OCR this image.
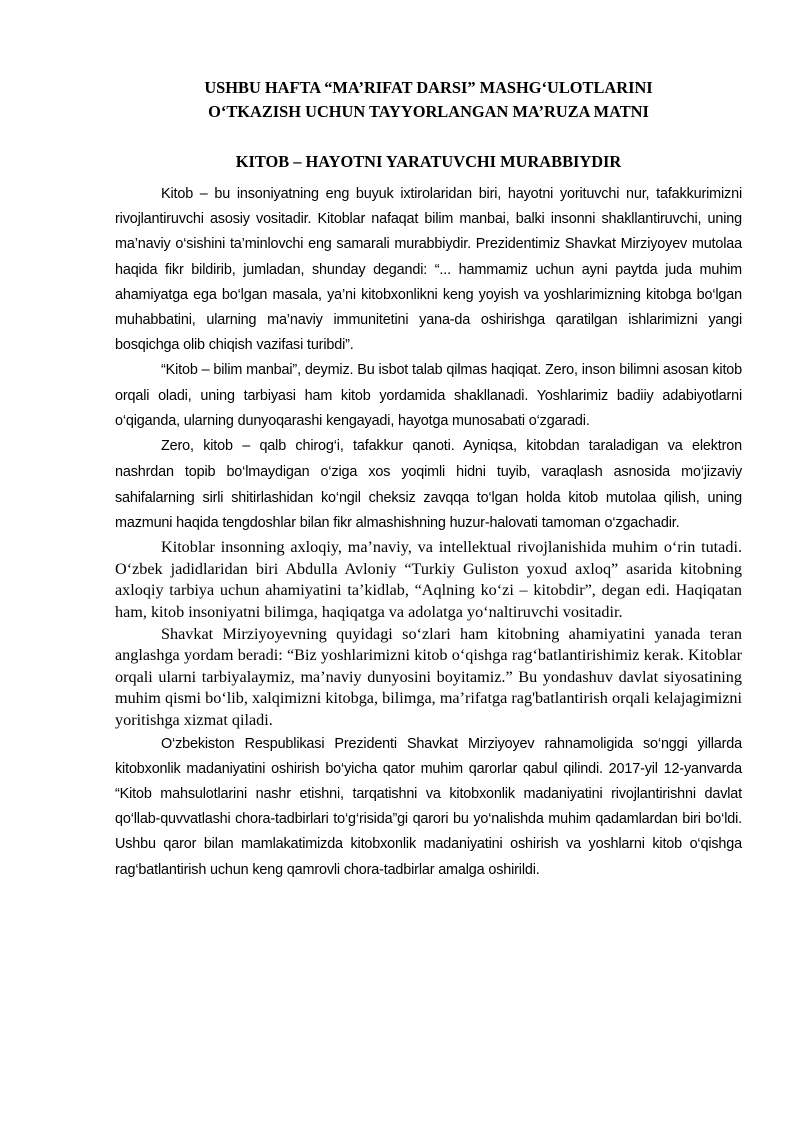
USHBU HAFTA “MA’RIFAT DARSI” MASHG‘ULOTLARINI
O‘TKAZISH UCHUN TAYYORLANGAN MA’RUZA MATNI
KITOB – HAYOTNI YARATUVCHI MURABBIYDIR

Kitob – bu insoniyatning eng buyuk ixtirolaridan biri, hayotni yorituvchi nur, tafakkurimizni rivojlantiruvchi asosiy vositadir. Kitoblar nafaqat bilim manbai, balki insonni shakllantiruvchi, uning ma’naviy o‘sishini ta’minlovchi eng samarali murabbiydir. Prezidentimiz Shavkat Mirziyoyev mutolaa haqida fikr bildirib, jumladan, shunday degandi: “... hammamiz uchun ayni paytda juda muhim ahamiyatga ega bo‘lgan masala, ya’ni kitobxonlikni keng yoyish va yoshlarimizning kitobga bo‘lgan muhabbatini, ularning ma’naviy immunitetini yana-da oshirishga qaratilgan ishlarimizni yangi bosqichga olib chiqish vazifasi turibdi”.

“Kitob – bilim manbai”, deymiz. Bu isbot talab qilmas haqiqat. Zero, inson bilimni asosan kitob orqali oladi, uning tarbiyasi ham kitob yordamida shakllanadi. Yoshlarimiz badiiy adabiyotlarni o‘qiganda, ularning dunyoqarashi kengayadi, hayotga munosabati o‘zgaradi.

Zero, kitob – qalb chirog‘i, tafakkur qanoti. Ayniqsa, kitobdan taraladigan va elektron nashrdan topib bo‘lmaydigan o‘ziga xos yoqimli hidni tuyib, varaqlash asnosida mo‘jizaviy sahifalarning sirli shitirlashidan ko‘ngil cheksiz zavqqa to‘lgan holda kitob mutolaa qilish, uning mazmuni haqida tengdoshlar bilan fikr almashishning huzur-halovati tamoman o‘zgachadir.

Kitoblar insonning axloqiy, ma’naviy, va intellektual rivojlanishida muhim o‘rin tutadi. O‘zbek jadidlaridan biri Abdulla Avloniy “Turkiy Guliston yoxud axloq” asarida kitobning axloqiy tarbiya uchun ahamiyatini ta’kidlab, “Aqlning ko‘zi – kitobdir”, degan edi. Haqiqatan ham, kitob insoniyatni bilimga, haqiqatga va adolatga yo‘naltiruvchi vositadir.

Shavkat Mirziyoyevning quyidagi so‘zlari ham kitobning ahamiyatini yanada teran anglashga yordam beradi: “Biz yoshlarimizni kitob o‘qishga rag‘batlantirishimiz kerak. Kitoblar orqali ularni tarbiyalaymiz, ma’naviy dunyosini boyitamiz.” Bu yondashuv davlat siyosatining muhim qismi bo‘lib, xalqimizni kitobga, bilimga, ma’rifatga rag'batlantirish orqali kelajagimizni yoritishga xizmat qiladi.

O‘zbekiston Respublikasi Prezidenti Shavkat Mirziyoyev rahnamoligida so‘nggi yillarda kitobxonlik madaniyatini oshirish bo‘yicha qator muhim qarorlar qabul qilindi. 2017-yil 12-yanvarda “Kitob mahsulotlarini nashr etishni, tarqatishni va kitobxonlik madaniyatini rivojlantirishni davlat qo‘llab-quvvatlashi chora-tadbirlari to‘g‘risida”gi qarori bu yo‘nalishda muhim qadamlardan biri bo‘ldi. Ushbu qaror bilan mamlakatimizda kitobxonlik madaniyatini oshirish va yoshlarni kitob o‘qishga rag‘batlantirish uchun keng qamrovli chora-tadbirlar amalga oshirildi.
